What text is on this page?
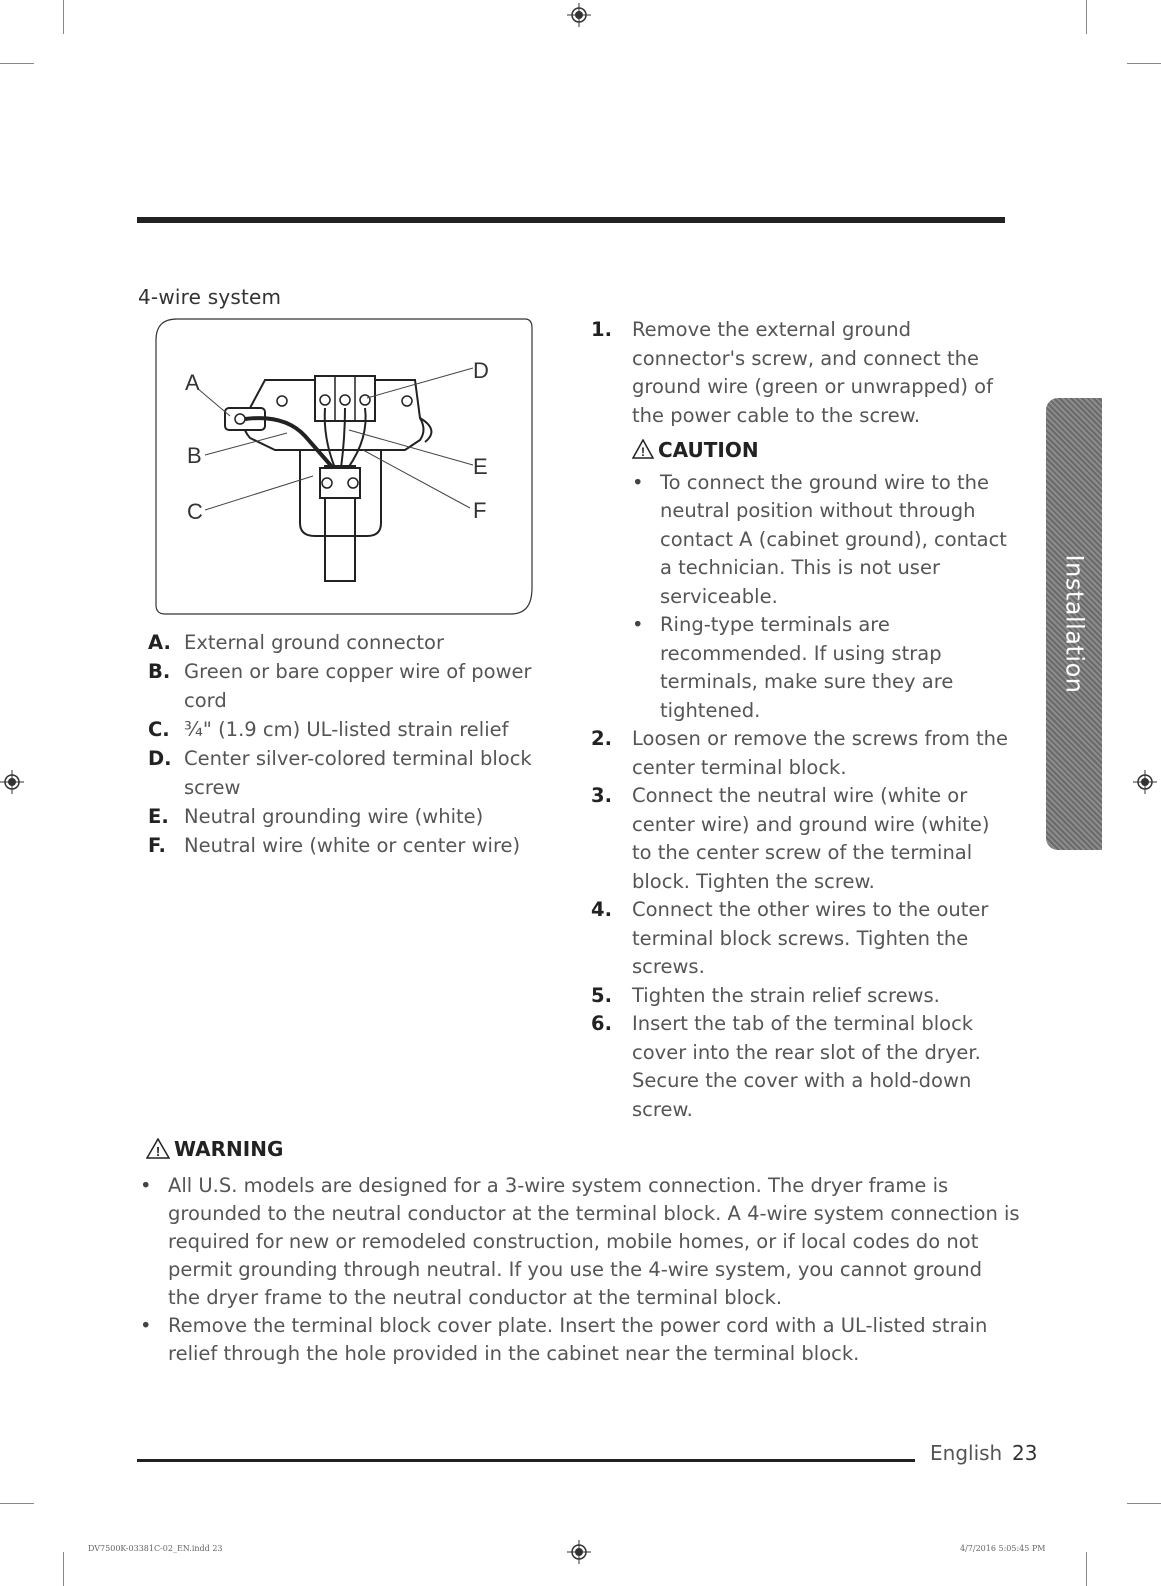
4-wire system
A	D
B	E
C	F
A. External ground connector
B. Green or bare copper wire of power cord
C. ¾" (1.9 cm) UL-listed strain relief
D. Center silver-colored terminal block screw
E. Neutral grounding wire (white)
F. Neutral wire (white or center wire)
1. Remove the external ground connector's screw, and connect the ground wire (green or unwrapped) of the power cable to the screw.
! CAUTION
• To connect the ground wire to the neutral position without through contact A (cabinet ground), contact a technician. This is not user serviceable.
• Ring-type terminals are recommended. If using strap terminals, make sure they are tightened.
2. Loosen or remove the screws from the center terminal block.
3. Connect the neutral wire (white or center wire) and ground wire (white) to the center screw of the terminal block. Tighten the screw.
4. Connect the other wires to the outer terminal block screws. Tighten the screws.
5. Tighten the strain relief screws.
6. Insert the tab of the terminal block cover into the rear slot of the dryer. Secure the cover with a hold-down screw.
! WARNING
• All U.S. models are designed for a 3-wire system connection. The dryer frame is grounded to the neutral conductor at the terminal block. A 4-wire system connection is required for new or remodeled construction, mobile homes, or if local codes do not permit grounding through neutral. If you use the 4-wire system, you cannot ground the dryer frame to the neutral conductor at the terminal block.
• Remove the terminal block cover plate. Insert the power cord with a UL-listed strain relief through the hole provided in the cabinet near the terminal block.
Installation
English 23
DV7500K-03381C-02_EN.indd 23	4/7/2016 5:05:45 PM
